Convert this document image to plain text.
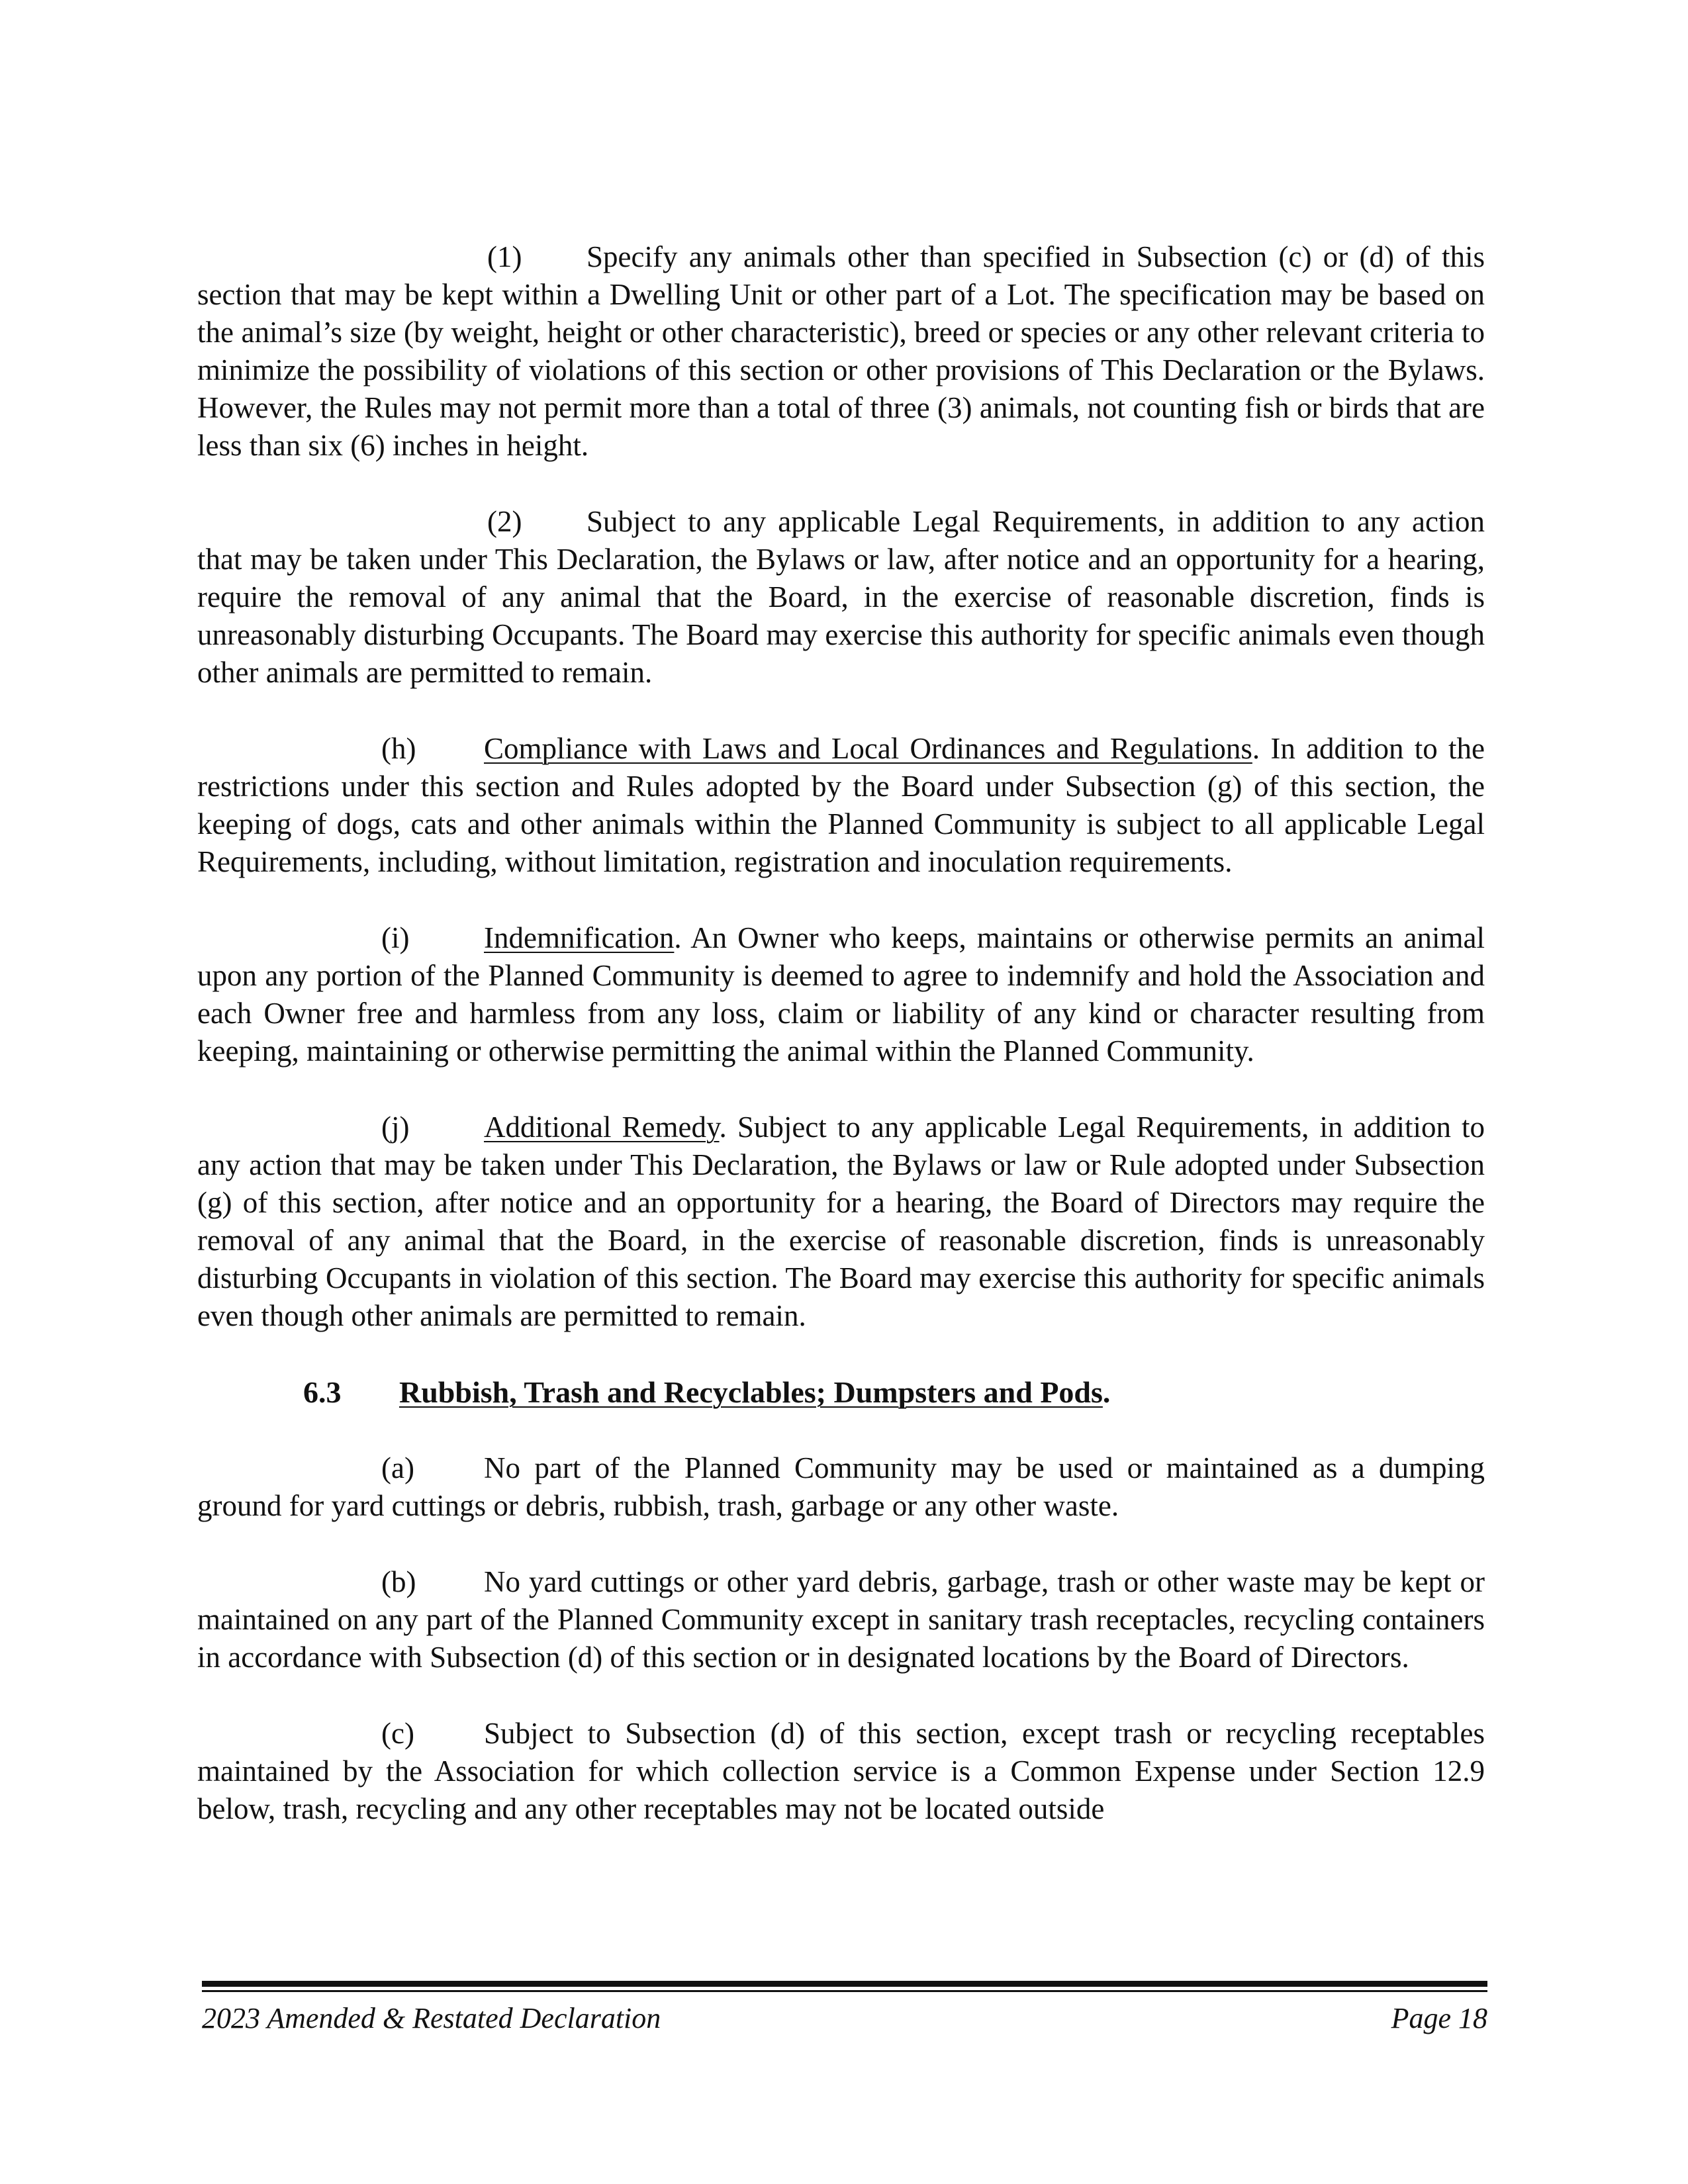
(1) Specify any animals other than specified in Subsection (c) or (d) of this section that may be kept within a Dwelling Unit or other part of a Lot. The specification may be based on the animal’s size (by weight, height or other characteristic), breed or species or any other relevant criteria to minimize the possibility of violations of this section or other provisions of This Declaration or the Bylaws. However, the Rules may not permit more than a total of three (3) animals, not counting fish or birds that are less than six (6) inches in height.

(2) Subject to any applicable Legal Requirements, in addition to any action that may be taken under This Declaration, the Bylaws or law, after notice and an opportunity for a hearing, require the removal of any animal that the Board, in the exercise of reasonable discretion, finds is unreasonably disturbing Occupants. The Board may exercise this authority for specific animals even though other animals are permitted to remain.

(h) Compliance with Laws and Local Ordinances and Regulations. In addition to the restrictions under this section and Rules adopted by the Board under Subsection (g) of this section, the keeping of dogs, cats and other animals within the Planned Community is subject to all applicable Legal Requirements, including, without limitation, registration and inoculation requirements.

(i)	Indemnification. An Owner who keeps, maintains or otherwise permits an animal upon any portion of the Planned Community is deemed to agree to indemnify and hold the Association and each Owner free and harmless from any loss, claim or liability of any kind or character resulting from keeping, maintaining or otherwise permitting the animal within the Planned Community.

(j)	Additional Remedy. Subject to any applicable Legal Requirements, in addition to any action that may be taken under This Declaration, the Bylaws or law or Rule adopted under Subsection (g) of this section, after notice and an opportunity for a hearing, the Board of Directors may require the removal of any animal that the Board, in the exercise of reasonable discretion, finds is unreasonably disturbing Occupants in violation of this section. The Board may exercise this authority for specific animals even though other animals are permitted to remain.

6.3 Rubbish, Trash and Recyclables; Dumpsters and Pods.

(a) No part of the Planned Community may be used or maintained as a dumping ground for yard cuttings or debris, rubbish, trash, garbage or any other waste.

(b) No yard cuttings or other yard debris, garbage, trash or other waste may be kept or maintained on any part of the Planned Community except in sanitary trash receptacles, recycling containers in accordance with Subsection (d) of this section or in designated locations by the Board of Directors.

(c) Subject to Subsection (d) of this section, except trash or recycling receptables maintained by the Association for which collection service is a Common Expense under Section 12.9 below, trash, recycling and any other receptables may not be located outside

2023 Amended & Restated Declaration	Page 18
